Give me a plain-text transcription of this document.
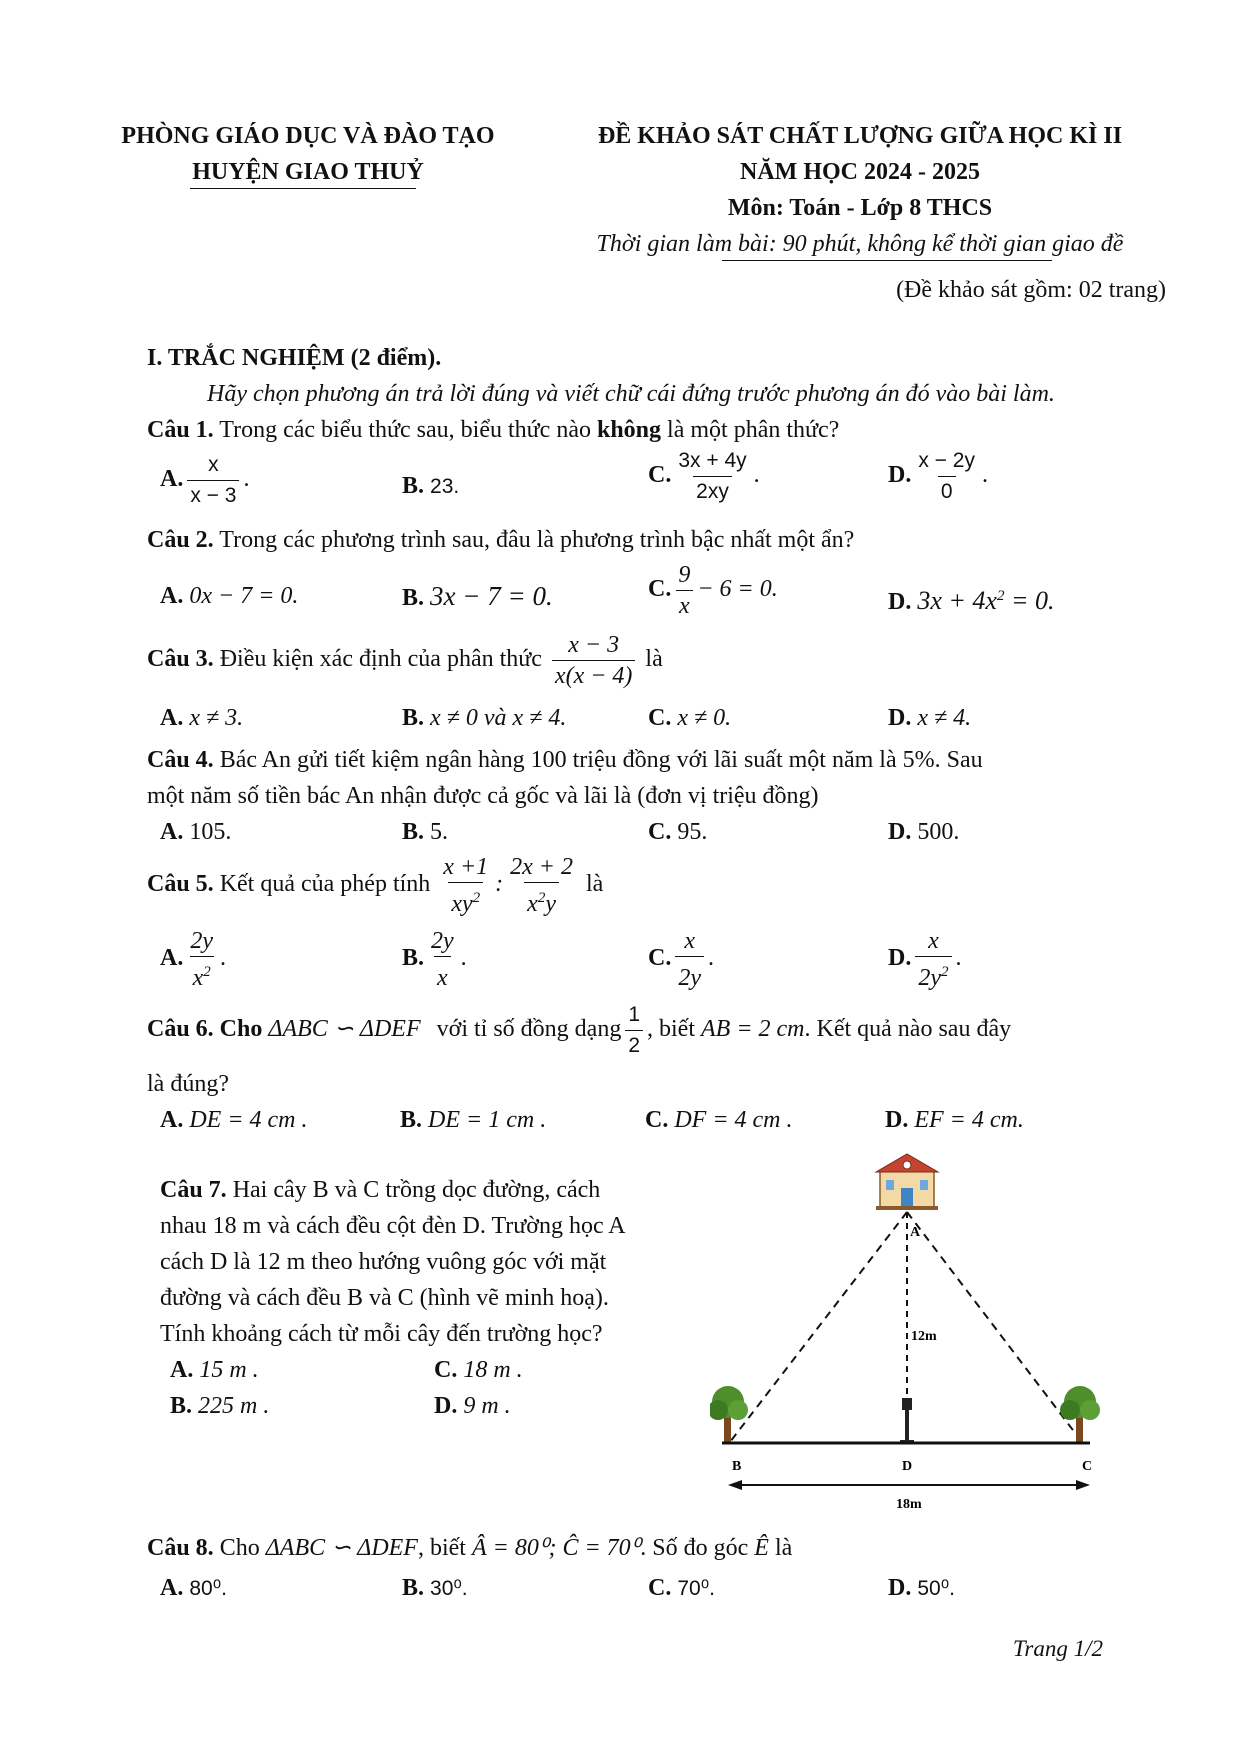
PHÒNG GIÁO DỤC VÀ ĐÀO TẠO
HUYỆN GIAO THUỶ
ĐỀ KHẢO SÁT CHẤT LƯỢNG GIỮA HỌC KÌ II
NĂM HỌC 2024 - 2025
Môn: Toán - Lớp 8 THCS
Thời gian làm bài: 90 phút, không kể thời gian giao đề
(Đề khảo sát gồm: 02 trang)
I. TRẮC NGHIỆM (2 điểm).
Hãy chọn phương án trả lời đúng và viết chữ cái đứng trước phương án đó vào bài làm.
Câu 1. Trong các biểu thức sau, biểu thức nào không là một phân thức?
A. $\frac{x}{x - 3}$ .	B. 23.	C. $\frac{3x + 4y}{2xy}$ .	D. $\frac{x - 2y}{0}$ .
Câu 2. Trong các phương trình sau, đâu là phương trình bậc nhất một ẩn?
A. 0x − 7 = 0.	B. 3x − 7 = 0.	C. $\frac{9}{x} - 6 = 0$.	D. $3x + 4x^2 = 0$.
Câu 3. Điều kiện xác định của phân thức $\frac{x - 3}{x(x - 4)}$ là
A. x ≠ 3.	B. x ≠ 0 và x ≠ 4.	C. x ≠ 0.	D. x ≠ 4.
Câu 4. Bác An gửi tiết kiệm ngân hàng 100 triệu đồng với lãi suất một năm là 5%. Sau
một năm số tiền bác An nhận được cả gốc và lãi là (đơn vị triệu đồng)
A. 105.	B. 5.	C. 95.	D. 500.
Câu 5. Kết quả của phép tính $\frac{x +1}{xy^2}$ : $\frac{2x + 2}{x^2y}$ là
A. $\frac{2y}{x^2}$ .	B. $\frac{2y}{x}$ .	C. $\frac{x}{2y}$ .	D. $\frac{x}{2y^2}$ .
Câu 6. Cho ΔABC ∽ ΔDEF với tỉ số đồng dạng $\frac{1}{2}$ , biết AB = 2 cm. Kết quả nào sau đây
là đúng?
A. DE = 4 cm .	B. DE = 1 cm .	C. DF = 4 cm .	D. EF = 4 cm.
Câu 7. Hai cây B và C trồng dọc đường, cách
nhau 18 m và cách đều cột đèn D. Trường học A
cách D là 12 m theo hướng vuông góc với mặt
đường và cách đều B và C (hình vẽ minh hoạ).
Tính khoảng cách từ mỗi cây đến trường học?
A. 15 m .	C. 18 m .
B. 225 m .	D. 9 m .
A
B	C
D
12m
18m
Câu 8. Cho ΔABC ∽ ΔDEF, biết Â = 80⁰; Ĉ = 70⁰. Số đo góc Ê là
A. 80⁰.	B. 30⁰.	C. 70⁰.	D. 50⁰.
Trang 1/2
